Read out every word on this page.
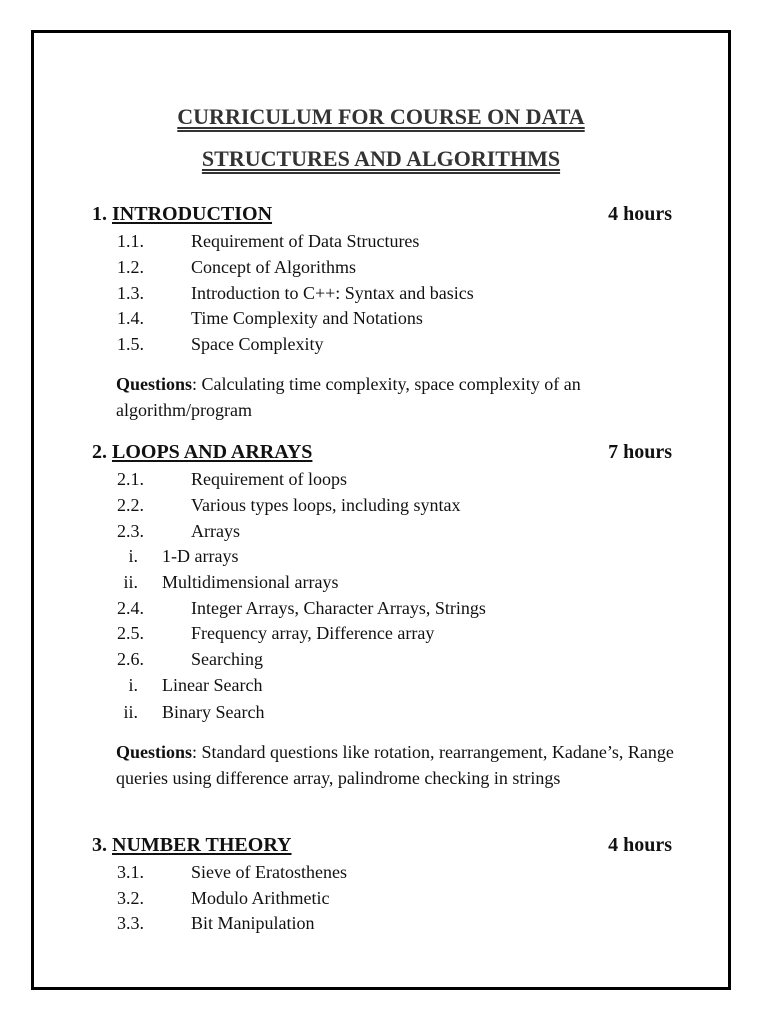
CURRICULUM FOR COURSE ON DATA
STRUCTURES AND ALGORITHMS
1. INTRODUCTION	4 hours
1.1.	Requirement of Data Structures
1.2.	Concept of Algorithms
1.3.	Introduction to C++: Syntax and basics
1.4.	Time Complexity and Notations
1.5.	Space Complexity
Questions: Calculating time complexity, space complexity of an algorithm/program
2. LOOPS AND ARRAYS	7 hours
2.1.	Requirement of loops
2.2.	Various types loops, including syntax
2.3.	Arrays
i. 1-D arrays
ii. Multidimensional arrays
2.4.	Integer Arrays, Character Arrays, Strings
2.5.	Frequency array, Difference array
2.6.	Searching
i. Linear Search
ii. Binary Search
Questions: Standard questions like rotation, rearrangement, Kadane’s, Range queries using difference array, palindrome checking in strings
3. NUMBER THEORY	4 hours
3.1.	Sieve of Eratosthenes
3.2.	Modulo Arithmetic
3.3.	Bit Manipulation
